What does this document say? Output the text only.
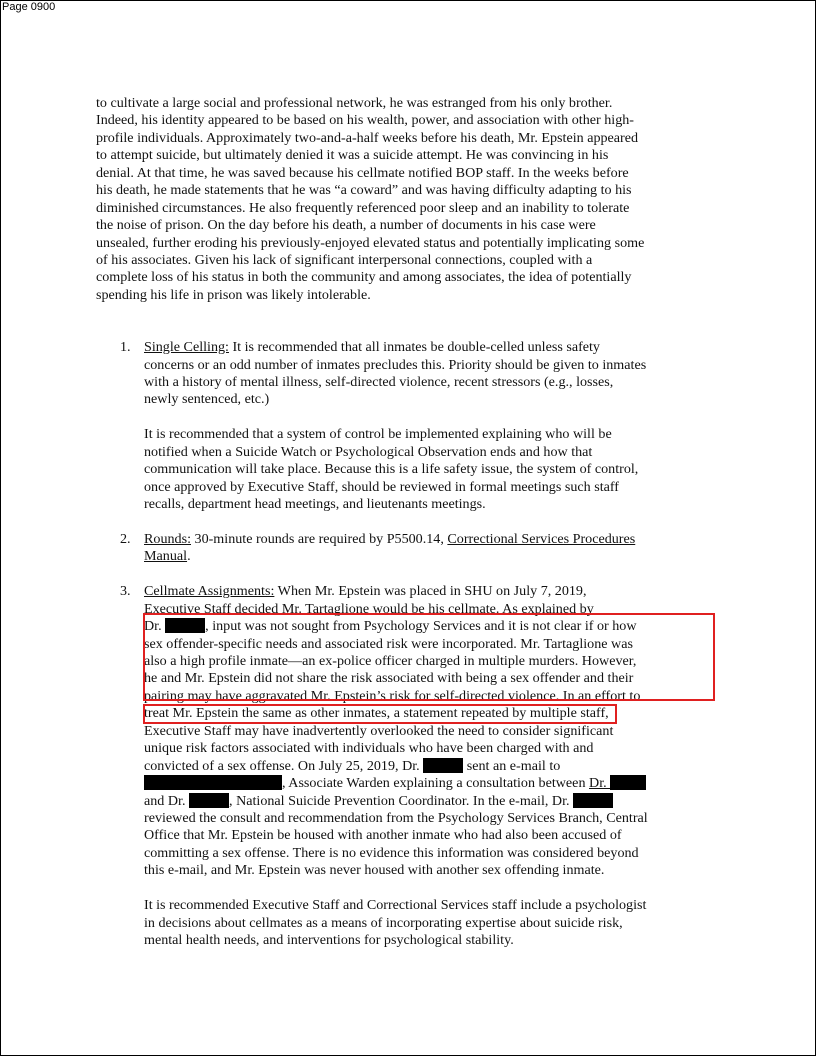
Page 0900
to cultivate a large social and professional network, he was estranged from his only brother.
Indeed, his identity appeared to be based on his wealth, power, and association with other high-
profile individuals. Approximately two-and-a-half weeks before his death, Mr. Epstein appeared
to attempt suicide, but ultimately denied it was a suicide attempt. He was convincing in his
denial. At that time, he was saved because his cellmate notified BOP staff. In the weeks before
his death, he made statements that he was “a coward” and was having difficulty adapting to his
diminished circumstances. He also frequently referenced poor sleep and an inability to tolerate
the noise of prison. On the day before his death, a number of documents in his case were
unsealed, further eroding his previously-enjoyed elevated status and potentially implicating some
of his associates. Given his lack of significant interpersonal connections, coupled with a
complete loss of his status in both the community and among associates, the idea of potentially
spending his life in prison was likely intolerable.
1. Single Celling: It is recommended that all inmates be double-celled unless safety
concerns or an odd number of inmates precludes this. Priority should be given to inmates
with a history of mental illness, self-directed violence, recent stressors (e.g., losses,
newly sentenced, etc.)
It is recommended that a system of control be implemented explaining who will be
notified when a Suicide Watch or Psychological Observation ends and how that
communication will take place. Because this is a life safety issue, the system of control,
once approved by Executive Staff, should be reviewed in formal meetings such staff
recalls, department head meetings, and lieutenants meetings.
2. Rounds: 30-minute rounds are required by P5500.14, Correctional Services Procedures
Manual.
3. Cellmate Assignments: When Mr. Epstein was placed in SHU on July 7, 2019,
Executive Staff decided Mr. Tartaglione would be his cellmate. As explained by
Dr.	, input was not sought from Psychology Services and it is not clear if or how
sex offender-specific needs and associated risk were incorporated. Mr. Tartaglione was
also a high profile inmate—an ex-police officer charged in multiple murders. However,
he and Mr. Epstein did not share the risk associated with being a sex offender and their
pairing may have aggravated Mr. Epstein’s risk for self-directed violence. In an effort to
treat Mr. Epstein the same as other inmates, a statement repeated by multiple staff,
Executive Staff may have inadvertently overlooked the need to consider significant
unique risk factors associated with individuals who have been charged with and
convicted of a sex offense. On July 25, 2019, Dr.	sent an e-mail to
, Associate Warden explaining a consultation between Dr.
and Dr.	, National Suicide Prevention Coordinator. In the e-mail, Dr.
reviewed the consult and recommendation from the Psychology Services Branch, Central
Office that Mr. Epstein be housed with another inmate who had also been accused of
committing a sex offense. There is no evidence this information was considered beyond
this e-mail, and Mr. Epstein was never housed with another sex offending inmate.
It is recommended Executive Staff and Correctional Services staff include a psychologist
in decisions about cellmates as a means of incorporating expertise about suicide risk,
mental health needs, and interventions for psychological stability.
